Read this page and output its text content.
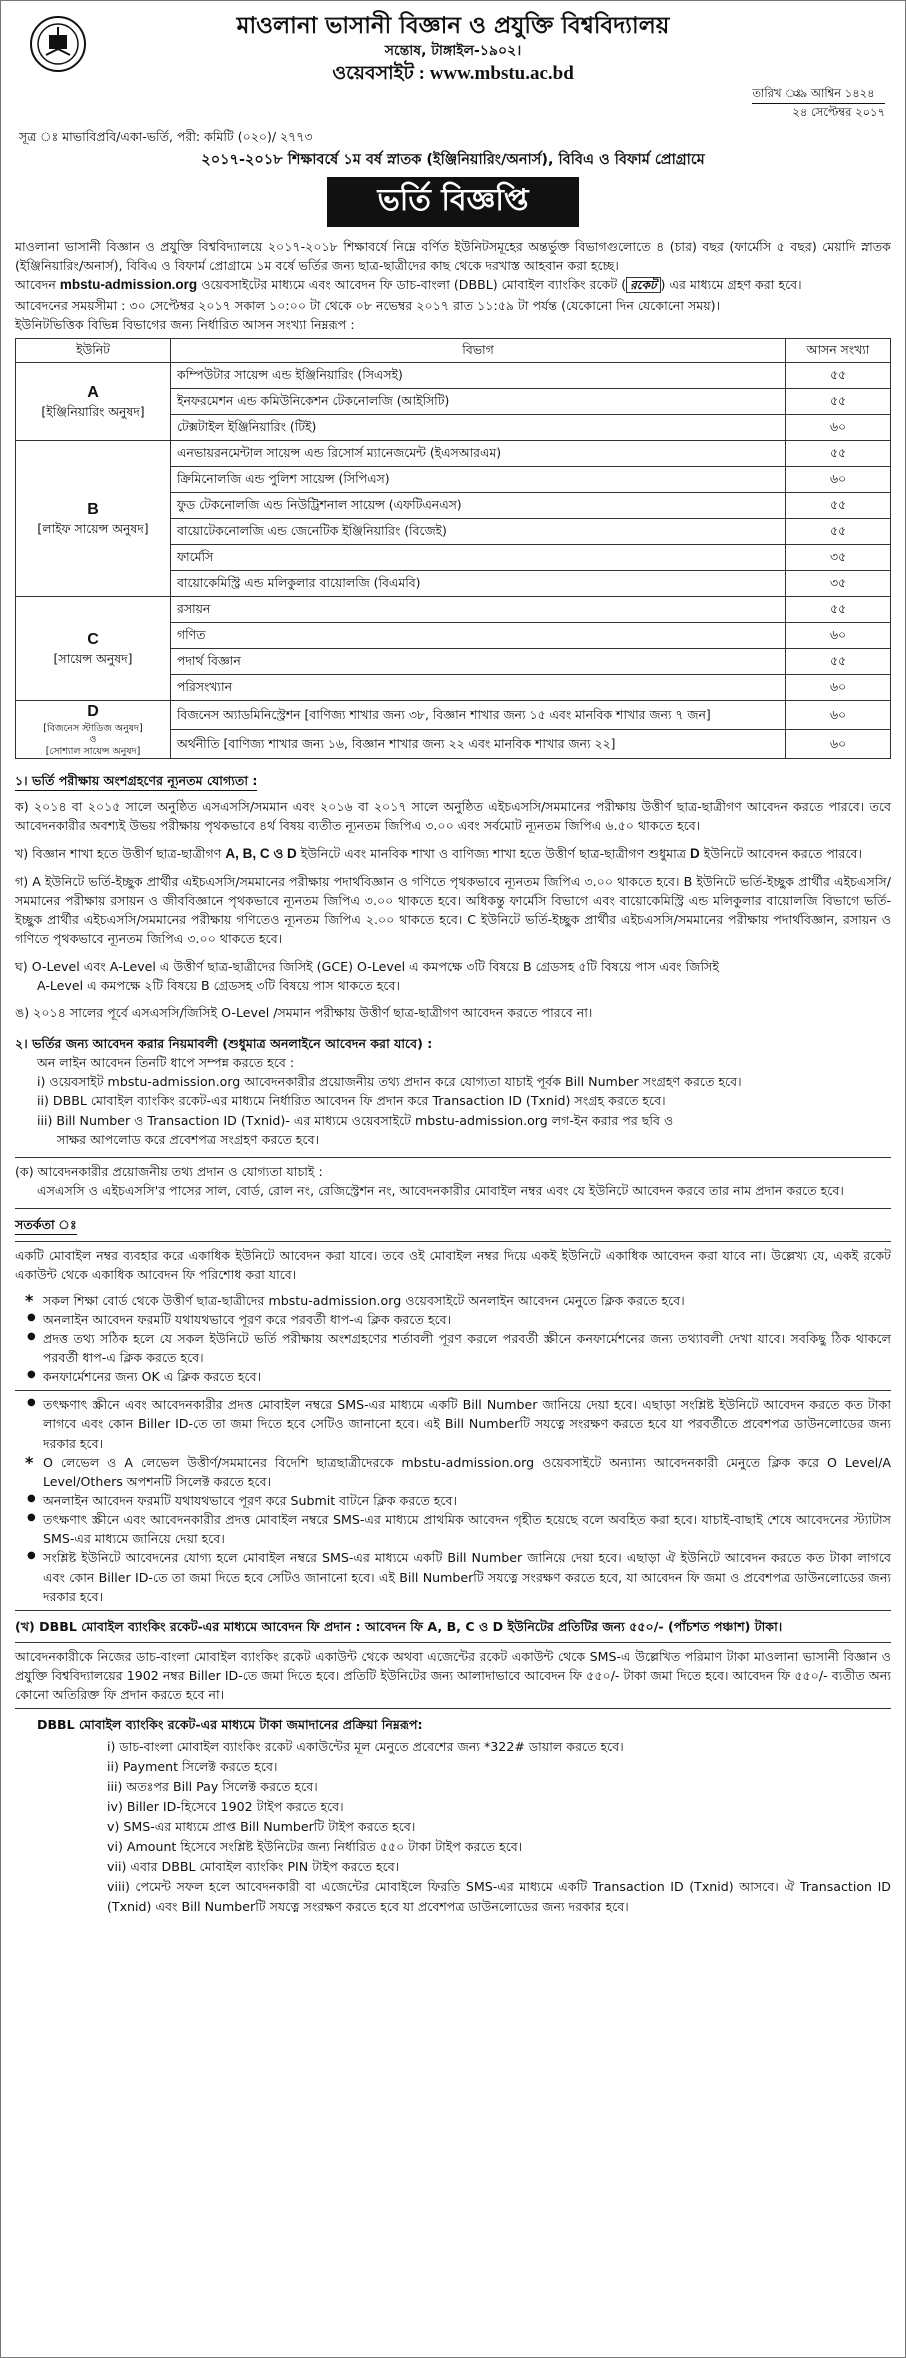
মাওলানা ভাসানী বিজ্ঞান ও প্রযুক্তি বিশ্ববিদ্যালয়
সন্তোষ, টাঙ্গাইল-১৯০২।
ওয়েবসাইট : www.mbstu.ac.bd
তারিখ ঃ
০৯ আশ্বিন ১৪২৪
২৪ সেপ্টেম্বর ২০১৭
সূত্র ঃ মাভাবিপ্রবি/একা-ভর্তি, পরী: কমিটি (০২০)/ ২৭৭৩
২০১৭-২০১৮ শিক্ষাবর্ষে ১ম বর্ষ স্নাতক (ইঞ্জিনিয়ারিং/অনার্স), বিবিএ ও বিফার্ম প্রোগ্রামে
ভর্তি বিজ্ঞপ্তি
মাওলানা ভাসানী বিজ্ঞান ও প্রযুক্তি বিশ্ববিদ্যালয়ে ২০১৭-২০১৮ শিক্ষাবর্ষে নিম্নে বর্ণিত ইউনিটসমূহের অন্তর্ভুক্ত বিভাগগুলোতে ৪ (চার) বছর (ফার্মেসি ৫ বছর) মেয়াদি স্নাতক (ইঞ্জিনিয়ারিং/অনার্স), বিবিএ ও বিফার্ম প্রোগ্রামে ১ম বর্ষে ভর্তির জন্য ছাত্র-ছাত্রীদের কাছ থেকে দরখাস্ত আহবান করা হচ্ছে।
আবেদন mbstu-admission.org ওয়েবসাইটের মাধ্যমে এবং আবেদন ফি ডাচ-বাংলা (DBBL) মোবাইল ব্যাংকিং রকেট ( রকেট ) এর মাধ্যমে গ্রহণ করা হবে।
আবেদনের সময়সীমা : ৩০ সেপ্টেম্বর ২০১৭ সকাল ১০:০০ টা থেকে ০৮ নভেম্বর ২০১৭ রাত ১১:৫৯ টা পর্যন্ত (যেকোনো দিন যেকোনো সময়)।
ইউনিটভিত্তিক বিভিন্ন বিভাগের জন্য নির্ধারিত আসন সংখ্যা নিম্নরূপ :
ইউনিট	বিভাগ	আসন সংখ্যা

A
[ইঞ্জিনিয়ারিং অনুষদ]	কম্পিউটার সায়েন্স এন্ড ইঞ্জিনিয়ারিং (সিএসই)	৫৫
	ইনফরমেশন এন্ড কমিউনিকেশন টেকনোলজি (আইসিটি)	৫৫
	টেক্সটাইল ইঞ্জিনিয়ারিং (টিই)	৬০

B
[লাইফ সায়েন্স অনুষদ]	এনভায়রনমেন্টাল সায়েন্স এন্ড রিসোর্স ম্যানেজমেন্ট (ইএসআরএম)	৫৫
	ক্রিমিনোলজি এন্ড পুলিশ সায়েন্স (সিপিএস)	৬০
	ফুড টেকনোলজি এন্ড নিউট্রিশনাল সায়েন্স (এফটিএনএস)	৫৫
	বায়োটেকনোলজি এন্ড জেনেটিক ইঞ্জিনিয়ারিং (বিজেই)	৫৫
	ফার্মেসি	৩৫
	বায়োকেমিস্ট্রি এন্ড মলিকুলার বায়োলজি (বিএমবি)	৩৫

C
[সায়েন্স অনুষদ]	রসায়ন	৫৫
	গণিত	৬০
	পদার্থ বিজ্ঞান	৫৫
	পরিসংখ্যান	৬০

D
[বিজনেস স্টাডিজ অনুষদ]
ও
[সোশ্যাল সায়েন্স অনুষদ]	বিজনেস অ্যাডমিনিস্ট্রেশন [বাণিজ্য শাখার জন্য ৩৮, বিজ্ঞান শাখার জন্য ১৫ এবং মানবিক শাখার জন্য ৭ জন]	৬০
	অর্থনীতি [বাণিজ্য শাখার জন্য ১৬, বিজ্ঞান শাখার জন্য ২২ এবং মানবিক শাখার জন্য ২২]	৬০
১। ভর্তি পরীক্ষায় অংশগ্রহণের ন্যূনতম যোগ্যতা :
ক) ২০১৪ বা ২০১৫ সালে অনুষ্ঠিত এসএসসি/সমমান এবং ২০১৬ বা ২০১৭ সালে অনুষ্ঠিত এইচএসসি/সমমানের পরীক্ষায় উত্তীর্ণ ছাত্র-ছাত্রীগণ আবেদন করতে পারবে। তবে আবেদনকারীর অবশ্যই উভয় পরীক্ষায় পৃথকভাবে ৪র্থ বিষয় ব্যতীত ন্যূনতম জিপিএ ৩.০০ এবং সর্বমোট ন্যূনতম জিপিএ ৬.৫০ থাকতে হবে।
খ) বিজ্ঞান শাখা হতে উত্তীর্ণ ছাত্র-ছাত্রীগণ A, B, C ও D ইউনিটে এবং মানবিক শাখা ও বাণিজ্য শাখা হতে উত্তীর্ণ ছাত্র-ছাত্রীগণ শুধুমাত্র D ইউনিটে আবেদন করতে পারবে।
গ) A ইউনিটে ভর্তি-ইচ্ছুক প্রার্থীর এইচএসসি/সমমানের পরীক্ষায় পদার্থবিজ্ঞান ও গণিতে পৃথকভাবে ন্যূনতম জিপিএ ৩.০০ থাকতে হবে। B ইউনিটে ভর্তি-ইচ্ছুক প্রার্থীর এইচএসসি/সমমানের পরীক্ষায় রসায়ন ও জীববিজ্ঞানে পৃথকভাবে ন্যূনতম জিপিএ ৩.০০ থাকতে হবে। অধিকন্তু ফার্মেসি বিভাগে এবং বায়োকেমিস্ট্রি এন্ড মলিকুলার বায়োলজি বিভাগে ভর্তি-ইচ্ছুক প্রার্থীর এইচএসসি/সমমানের পরীক্ষায় গণিতেও ন্যূনতম জিপিএ ২.০০ থাকতে হবে। C ইউনিটে ভর্তি-ইচ্ছুক প্রার্থীর এইচএসসি/সমমানের পরীক্ষায় পদার্থবিজ্ঞান, রসায়ন ও গণিতে পৃথকভাবে ন্যূনতম জিপিএ ৩.০০ থাকতে হবে।
ঘ) O-Level এবং A-Level এ উত্তীর্ণ ছাত্র-ছাত্রীদের জিসিই (GCE) O-Level এ কমপক্ষে ৩টি বিষয়ে B গ্রেডসহ ৫টি বিষয়ে পাস এবং জিসিই
A-Level এ কমপক্ষে ২টি বিষয়ে B গ্রেডসহ ৩টি বিষয়ে পাস থাকতে হবে।
ঙ) ২০১৪ সালের পূর্বে এসএসসি/জিসিই O-Level /সমমান পরীক্ষায় উত্তীর্ণ ছাত্র-ছাত্রীগণ আবেদন করতে পারবে না।
২। ভর্তির জন্য আবেদন করার নিয়মাবলী (শুধুমাত্র অনলাইনে আবেদন করা যাবে) :
অন লাইন আবেদন তিনটি ধাপে সম্পন্ন করতে হবে :
i) ওয়েবসাইট mbstu-admission.org আবেদনকারীর প্রয়োজনীয় তথ্য প্রদান করে যোগ্যতা যাচাই পূর্বক Bill Number সংগ্রহণ করতে হবে।
ii) DBBL মোবাইল ব্যাংকিং রকেট-এর মাধ্যমে নির্ধারিত আবেদন ফি প্রদান করে Transaction ID (Txnid) সংগ্রহ করতে হবে।
iii) Bill Number ও Transaction ID (Txnid)- এর মাধ্যমে ওয়েবসাইটে mbstu-admission.org লগ-ইন করার পর ছবি ও
সাক্ষর আপলোড করে প্রবেশপত্র সংগ্রহণ করতে হবে।
(ক) আবেদনকারীর প্রয়োজনীয় তথ্য প্রদান ও যোগ্যতা যাচাই :
এসএসসি ও এইচএসসি'র পাসের সাল, বোর্ড, রোল নং, রেজিস্ট্রেশন নং, আবেদনকারীর মোবাইল নম্বর এবং যে ইউনিটে আবেদন করবে তার নাম প্রদান করতে হবে।
সতর্কতা ঃ
একটি মোবাইল নম্বর ব্যবহার করে একাধিক ইউনিটে আবেদন করা যাবে। তবে ওই মোবাইল নম্বর দিয়ে একই ইউনিটে একাধিক আবেদন করা যাবে না। উল্লেখ্য যে, একই রকেট একাউন্ট থেকে একাধিক আবেদন ফি পরিশোধ করা যাবে।
* সকল শিক্ষা বোর্ড থেকে উত্তীর্ণ ছাত্র-ছাত্রীদের mbstu-admission.org ওয়েবসাইটে অনলাইন আবেদন মেনুতে ক্লিক করতে হবে।
● অনলাইন আবেদন ফরমটি যথাযথভাবে পূরণ করে পরবর্তী ধাপ-এ ক্লিক করতে হবে।
● প্রদত্ত তথ্য সঠিক হলে যে সকল ইউনিটে ভর্তি পরীক্ষায় অংশগ্রহণের শর্তাবলী পূরণ করলে পরবর্তী স্ক্রীনে কনফার্মেশনের জন্য তথ্যাবলী দেখা যাবে। সবকিছু ঠিক থাকলে পরবর্তী ধাপ-এ ক্লিক করতে হবে।
● কনফার্মেশনের জন্য OK এ ক্লিক করতে হবে।
● তৎক্ষণাৎ স্ক্রীনে এবং আবেদনকারীর প্রদত্ত মোবাইল নম্বরে SMS-এর মাধ্যমে একটি Bill Number জানিয়ে দেয়া হবে। এছাড়া সংশ্লিষ্ট ইউনিটে আবেদন করতে কত টাকা লাগবে এবং কোন Biller ID-তে তা জমা দিতে হবে সেটিও জানানো হবে। এই Bill Numberটি সযত্নে সংরক্ষণ করতে হবে যা পরবর্তীতে প্রবেশপত্র ডাউনলোডের জন্য দরকার হবে।
* O লেভেল ও A লেভেল উত্তীর্ণ/সমমানের বিদেশি ছাত্রছাত্রীদেরকে mbstu-admission.org ওয়েবসাইটে অন্যান্য আবেদনকারী মেনুতে ক্লিক করে O Level/A Level/Others অপশনটি সিলেক্ট করতে হবে।
● অনলাইন আবেদন ফরমটি যথাযথভাবে পূরণ করে Submit বাটনে ক্লিক করতে হবে।
● তৎক্ষণাৎ স্ক্রীনে এবং আবেদনকারীর প্রদত্ত মোবাইল নম্বরে SMS-এর মাধ্যমে প্রাথমিক আবেদন গৃহীত হয়েছে বলে অবহিত করা হবে। যাচাই-বাছাই শেষে আবেদনের স্ট্যাটাস SMS-এর মাধ্যমে জানিয়ে দেয়া হবে।
● সংশ্লিষ্ট ইউনিটে আবেদনের যোগ্য হলে মোবাইল নম্বরে SMS-এর মাধ্যমে একটি Bill Number জানিয়ে দেয়া হবে। এছাড়া ঐ ইউনিটে আবেদন করতে কত টাকা লাগবে এবং কোন Biller ID-তে তা জমা দিতে হবে সেটিও জানানো হবে। এই Bill Numberটি সযত্নে সংরক্ষণ করতে হবে, যা আবেদন ফি জমা ও প্রবেশপত্র ডাউনলোডের জন্য দরকার হবে।
(খ) DBBL মোবাইল ব্যাংকিং রকেট-এর মাধ্যমে আবেদন ফি প্রদান : আবেদন ফি A, B, C ও D ইউনিটের প্রতিটির জন্য ৫৫০/- (পাঁচশত পঞ্চাশ) টাকা।
আবেদনকারীকে নিজের ডাচ-বাংলা মোবাইল ব্যাংকিং রকেট একাউন্ট থেকে অথবা এজেন্টের রকেট একাউন্ট থেকে SMS-এ উল্লেখিত পরিমাণ টাকা মাওলানা ভাসানী বিজ্ঞান ও প্রযুক্তি বিশ্ববিদ্যালয়ের 1902 নম্বর Biller ID-তে জমা দিতে হবে। প্রতিটি ইউনিটের জন্য আলাদাভাবে আবেদন ফি ৫৫০/- টাকা জমা দিতে হবে। আবেদন ফি ৫৫০/- ব্যতীত অন্য কোনো অতিরিক্ত ফি প্রদান করতে হবে না।
DBBL মোবাইল ব্যাংকিং রকেট-এর মাধ্যমে টাকা জমাদানের প্রক্রিয়া নিম্নরূপ:
i) ডাচ-বাংলা মোবাইল ব্যাংকিং রকেট একাউন্টের মূল মেনুতে প্রবেশের জন্য *322# ডায়াল করতে হবে।
ii) Payment সিলেক্ট করতে হবে।
iii) অতঃপর Bill Pay সিলেক্ট করতে হবে।
iv) Biller ID-হিসেবে 1902 টাইপ করতে হবে।
v) SMS-এর মাধ্যমে প্রাপ্ত Bill Numberটি টাইপ করতে হবে।
vi) Amount হিসেবে সংশ্লিষ্ট ইউনিটের জন্য নির্ধারিত ৫৫০ টাকা টাইপ করতে হবে।
vii) এবার DBBL মোবাইল ব্যাংকিং PIN টাইপ করতে হবে।
viii) পেমেন্ট সফল হলে আবেদনকারী বা এজেন্টের মোবাইলে ফিরতি SMS-এর মাধ্যমে একটি Transaction ID (Txnid) আসবে। ঐ Transaction ID (Txnid) এবং Bill Numberটি সযত্নে সংরক্ষণ করতে হবে যা প্রবেশপত্র ডাউনলোডের জন্য দরকার হবে।
